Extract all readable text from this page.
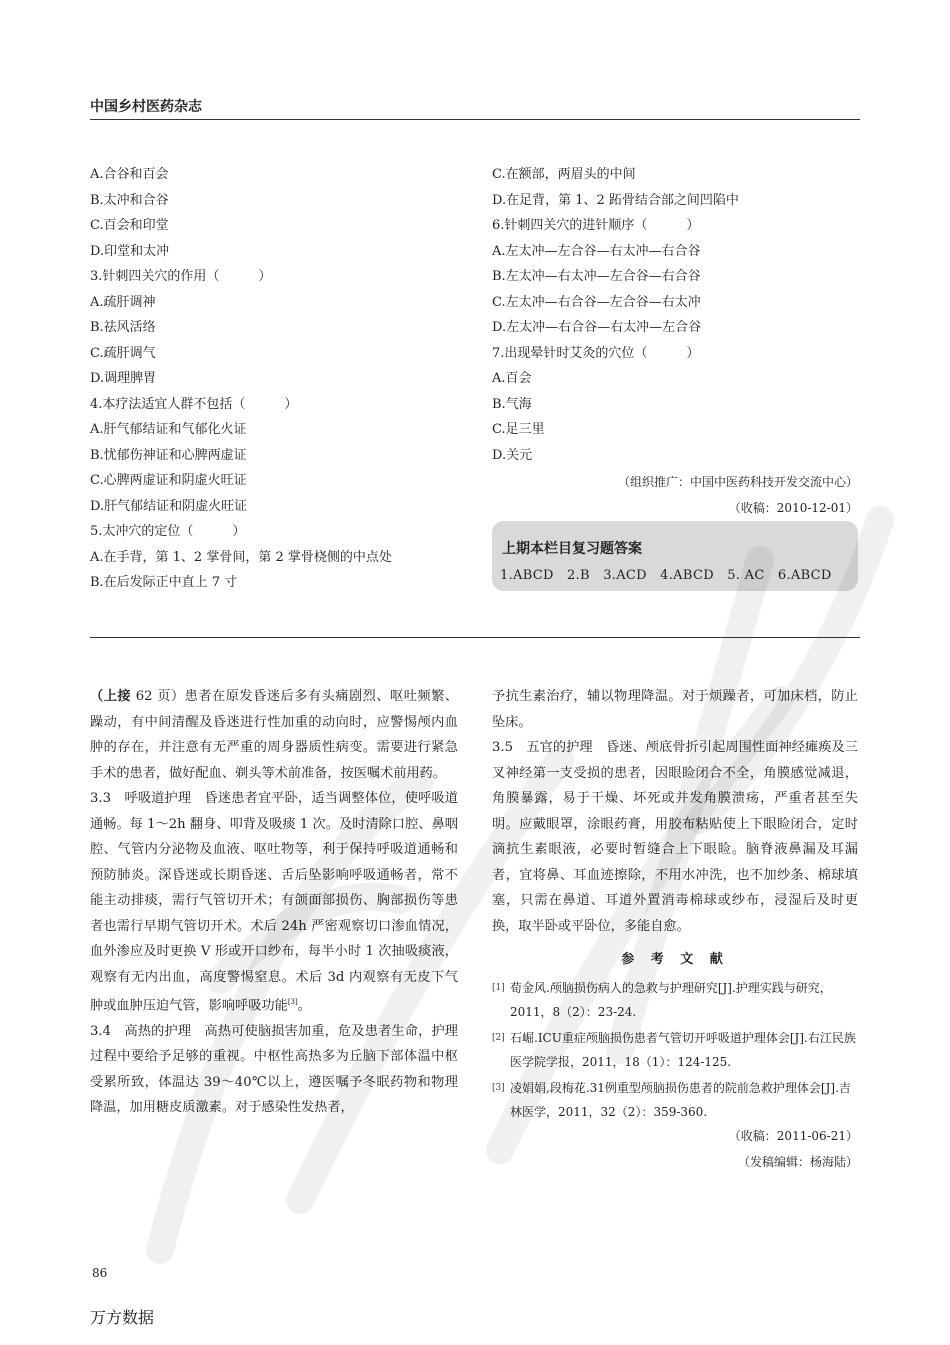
中国乡村医药杂志
A.合谷和百会
B.太冲和合谷
C.百会和印堂
D.印堂和太冲
3.针刺四关穴的作用（　　　）
A.疏肝调神
B.祛风活络
C.疏肝调气
D.调理脾胃
4.本疗法适宜人群不包括（　　　）
A.肝气郁结证和气郁化火证
B.忧郁伤神证和心脾两虚证
C.心脾两虚证和阴虚火旺证
D.肝气郁结证和阴虚火旺证
5.太冲穴的定位（　　　）
A.在手背，第 1、2 掌骨间，第 2 掌骨桡侧的中点处
B.在后发际正中直上 7 寸
C.在额部，两眉头的中间
D.在足背，第 1、2 跖骨结合部之间凹陷中
6.针刺四关穴的进针顺序（　　　）
A.左太冲—左合谷—右太冲—右合谷
B.左太冲—右太冲—左合谷—右合谷
C.左太冲—右合谷—左合谷—右太冲
D.左太冲—右合谷—右太冲—左合谷
7.出现晕针时艾灸的穴位（　　　）
A.百会
B.气海
C.足三里
D.关元
（组织推广：中国中医药科技开发交流中心）
（收稿：2010-12-01）
上期本栏目复习题答案
1.ABCD　2.B　3.ACD　4.ABCD　5. AC　6.ABCD

（上接 62 页）患者在原发昏迷后多有头痛剧烈、呕吐频繁、躁动，有中间清醒及昏迷进行性加重的动向时，应警惕颅内血肿的存在，并注意有无严重的周身器质性病变。需要进行紧急手术的患者，做好配血、剃头等术前准备，按医嘱术前用药。

3.3　呼吸道护理　昏迷患者宜平卧，适当调整体位，使呼吸道通畅。每 1～2h 翻身、叩背及吸痰 1 次。及时清除口腔、鼻咽腔、气管内分泌物及血液、呕吐物等，利于保持呼吸道通畅和预防肺炎。深昏迷或长期昏迷、舌后坠影响呼吸通畅者，常不能主动排痰，需行气管切开术；有颌面部损伤、胸部损伤等患者也需行早期气管切开术。术后 24h 严密观察切口渗血情况，血外渗应及时更换 V 形或开口纱布，每半小时 1 次抽吸痰液，观察有无内出血，高度警惕窒息。术后 3d 内观察有无皮下气肿或血肿压迫气管，影响呼吸功能[3]。

3.4　高热的护理　高热可使脑损害加重，危及患者生命，护理过程中要给予足够的重视。中枢性高热多为丘脑下部体温中枢受累所致，体温达 39～40℃以上，遵医嘱予冬眠药物和物理降温，加用糖皮质激素。对于感染性发热者，

予抗生素治疗，辅以物理降温。对于烦躁者，可加床档，防止坠床。

3.5　五官的护理　昏迷、颅底骨折引起周围性面神经瘫痪及三叉神经第一支受损的患者，因眼睑闭合不全，角膜感觉减退，角膜暴露，易于干燥、坏死或并发角膜溃疡，严重者甚至失明。应戴眼罩，涂眼药膏，用胶布粘贴使上下眼睑闭合，定时滴抗生素眼液，必要时暂缝合上下眼睑。脑脊液鼻漏及耳漏者，宜将鼻、耳血迹擦除，不用水冲洗，也不加纱条、棉球填塞，只需在鼻道、耳道外置消毒棉球或纱布，浸湿后及时更换，取半卧或平卧位，多能自愈。

参 考 文 献
[1] 荀金风.颅脑损伤病人的急救与护理研究[J].护理实践与研究，2011，8（2）：23-24.
[2] 石崛.ICU重症颅脑损伤患者气管切开呼吸道护理体会[J].右江民族医学院学报，2011，18（1）：124-125.
[3] 凌娟娟,段梅花.31例重型颅脑损伤患者的院前急救护理体会[J].吉林医学，2011，32（2）：359-360.
（收稿：2011-06-21）
（发稿编辑：杨海陆）
86
万方数据
